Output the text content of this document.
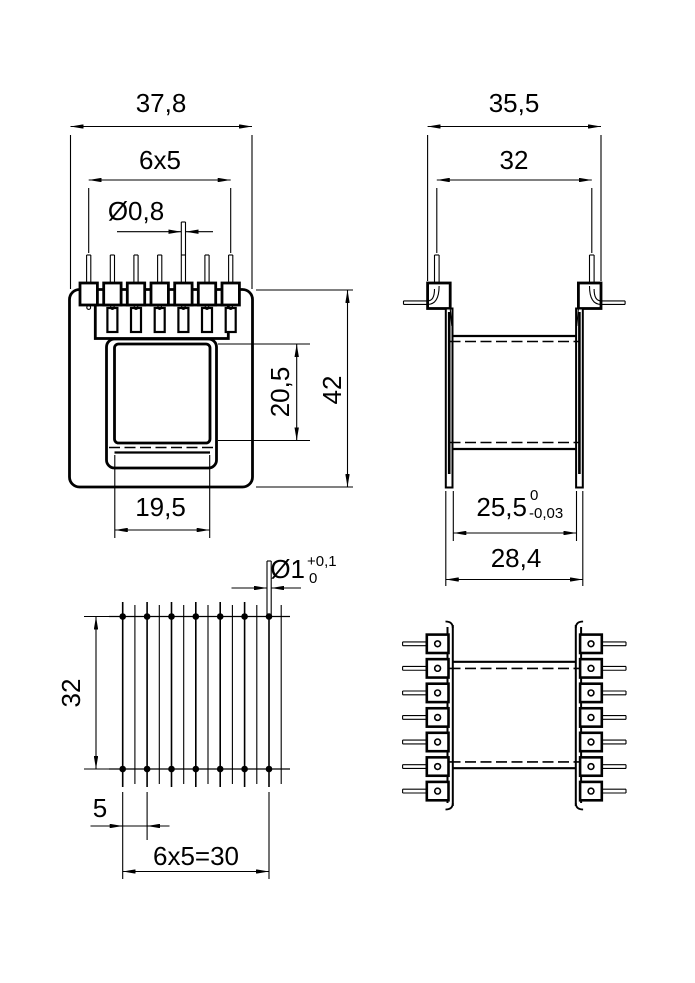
37,8
6x5
Ø0,8
20,5 42
19,5
35,5
32
25,5 0
-0,03
28,4
Ø1 +0,1
0
32
5
6x5=30
